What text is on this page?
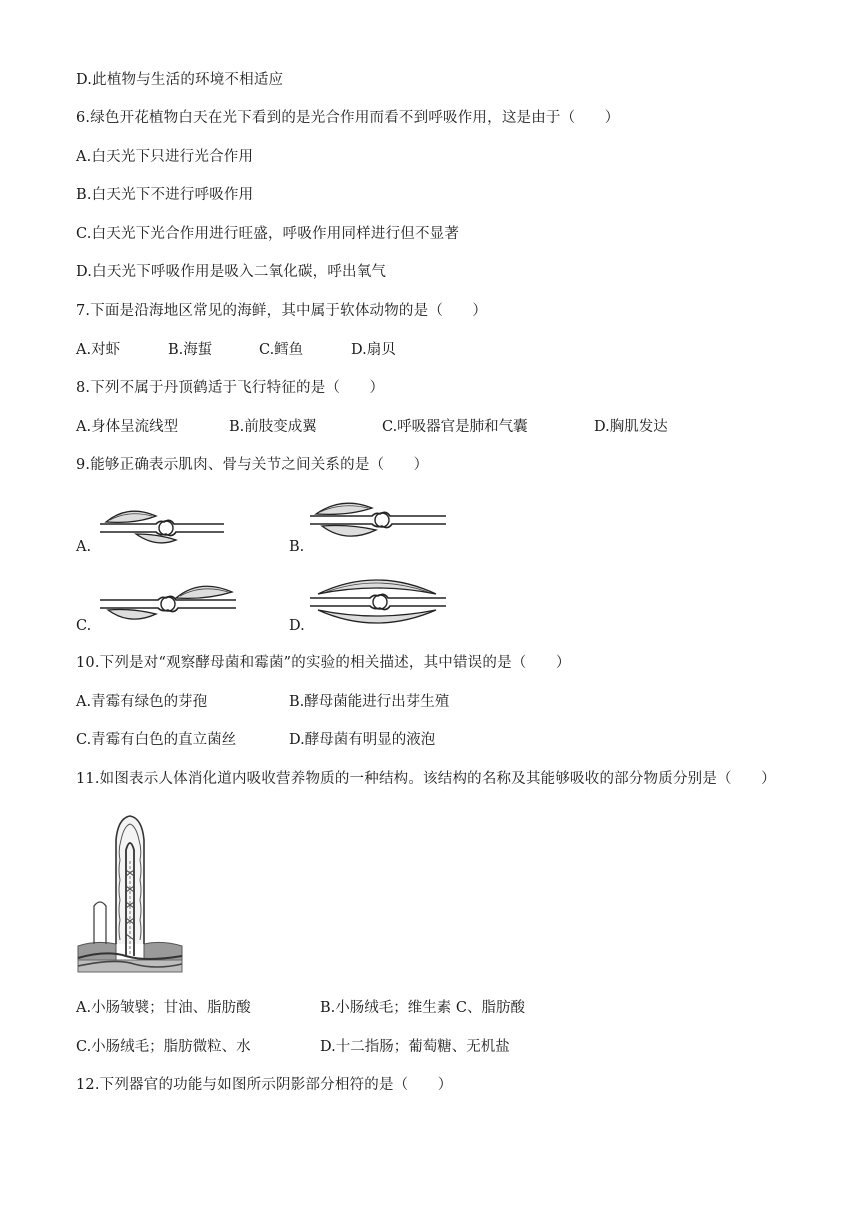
D.此植物与生活的环境不相适应
6.绿色开花植物白天在光下看到的是光合作用而看不到呼吸作用，这是由于（　　）
A.白天光下只进行光合作用
B.白天光下不进行呼吸作用
C.白天光下光合作用进行旺盛，呼吸作用同样进行但不显著
D.白天光下呼吸作用是吸入二氧化碳，呼出氧气
7.下面是沿海地区常见的海鲜，其中属于软体动物的是（　　）
A.对虾	B.海蜇	C.鳕鱼	D.扇贝
8.下列不属于丹顶鹤适于飞行特征的是（　　）
A.身体呈流线型	B.前肢变成翼	C.呼吸器官是肺和气囊	D.胸肌发达
9.能够正确表示肌肉、骨与关节之间关系的是（　　）
A.	B.
C.	D.
10.下列是对“观察酵母菌和霉菌”的实验的相关描述，其中错误的是（　　）
A.青霉有绿色的芽孢	B.酵母菌能进行出芽生殖
C.青霉有白色的直立菌丝	D.酵母菌有明显的液泡
11.如图表示人体消化道内吸收营养物质的一种结构。该结构的名称及其能够吸收的部分物质分别是（　　）
A.小肠皱襞；甘油、脂肪酸	B.小肠绒毛；维生素 C、脂肪酸
C.小肠绒毛；脂肪微粒、水	D.十二指肠；葡萄糖、无机盐
12.下列器官的功能与如图所示阴影部分相符的是（　　）
